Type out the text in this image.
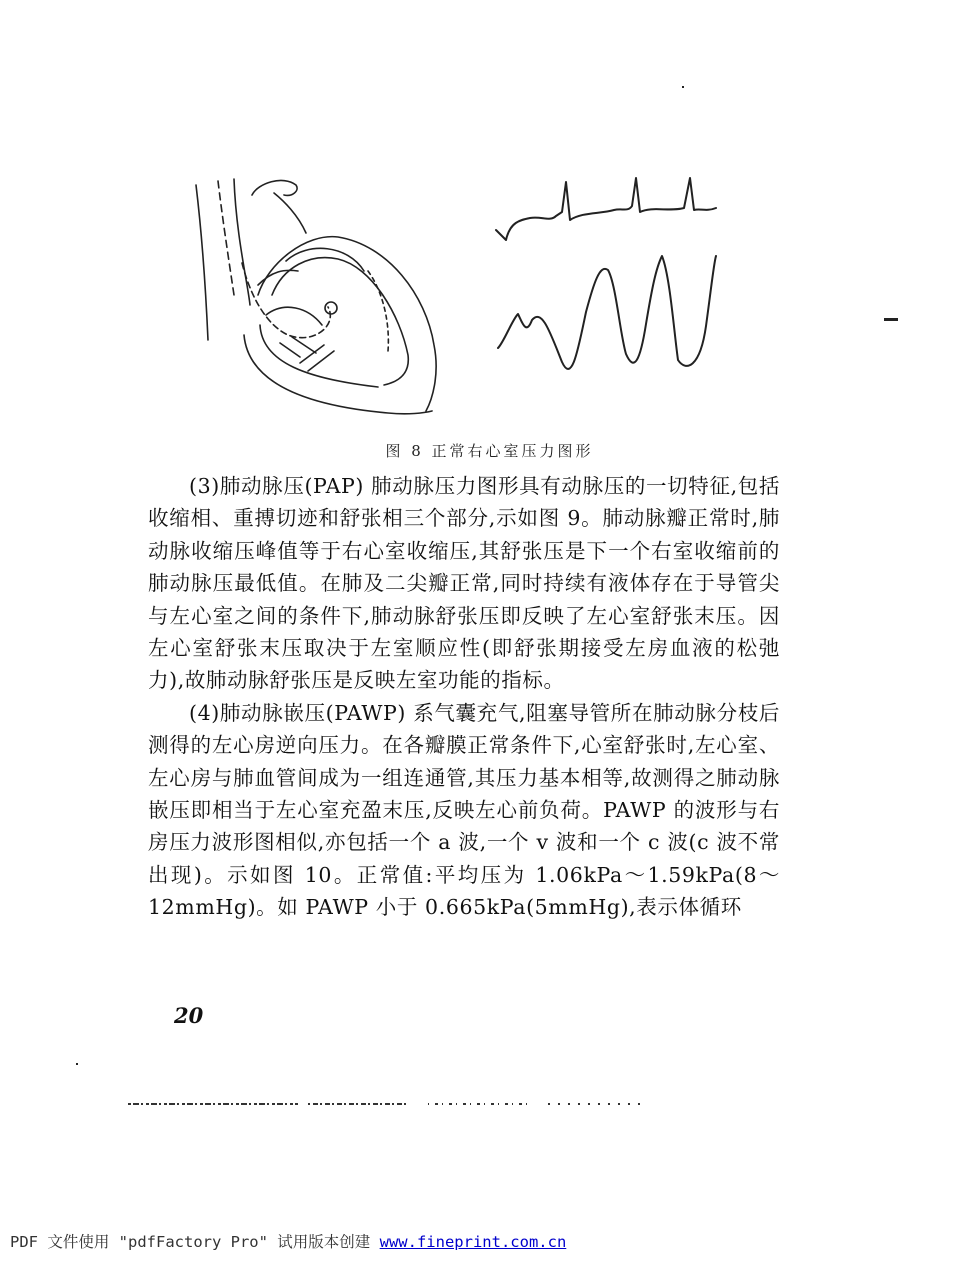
图 8 正常右心室压力图形

(3)肺动脉压(PAP) 肺动脉压力图形具有动脉压的一切特征,包括收缩相、重搏切迹和舒张相三个部分,示如图 9。肺动脉瓣正常时,肺动脉收缩压峰值等于右心室收缩压,其舒张压是下一个右室收缩前的肺动脉压最低值。在肺及二尖瓣正常,同时持续有液体存在于导管尖与左心室之间的条件下,肺动脉舒张压即反映了左心室舒张末压。因左心室舒张末压取决于左室顺应性(即舒张期接受左房血液的松弛力),故肺动脉舒张压是反映左室功能的指标。

(4)肺动脉嵌压(PAWP) 系气囊充气,阻塞导管所在肺动脉分枝后测得的左心房逆向压力。在各瓣膜正常条件下,心室舒张时,左心室、左心房与肺血管间成为一组连通管,其压力基本相等,故测得之肺动脉嵌压即相当于左心室充盈末压,反映左心前负荷。PAWP 的波形与右房压力波形图相似,亦包括一个 a 波,一个 v 波和一个 c 波(c 波不常出现)。示如图 10。正常值:平均压为 1.06kPa～1.59kPa(8～12mmHg)。如 PAWP 小于 0.665kPa(5mmHg),表示体循环

20
PDF 文件使用 "pdfFactory Pro" 试用版本创建 www.fineprint.com.cn
